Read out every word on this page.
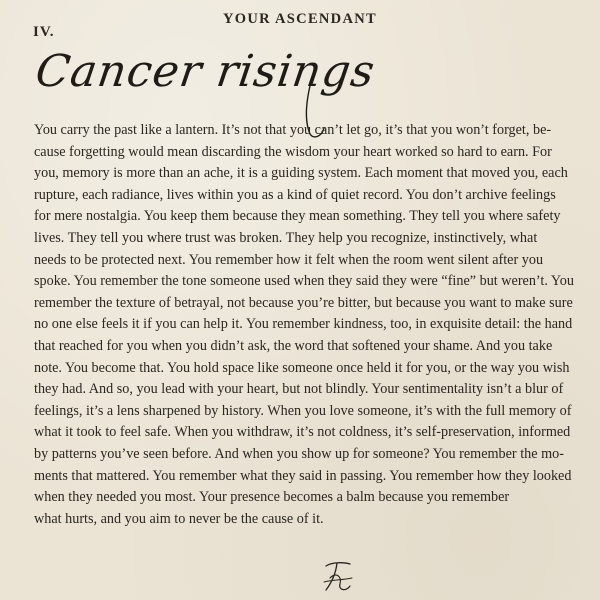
IV.
YOUR ASCENDANT
Cancer risings
You carry the past like a lantern. It’s not that you can’t let go, it’s that you won’t forget, be-
cause forgetting would mean discarding the wisdom your heart worked so hard to earn. For
you, memory is more than an ache, it is a guiding system. Each moment that moved you, each
rupture, each radiance, lives within you as a kind of quiet record. You don’t archive feelings
for mere nostalgia. You keep them because they mean something. They tell you where safety
lives. They tell you where trust was broken. They help you recognize, instinctively, what
needs to be protected next. You remember how it felt when the room went silent after you
spoke. You remember the tone someone used when they said they were “fine” but weren’t. You
remember the texture of betrayal, not because you’re bitter, but because you want to make sure
no one else feels it if you can help it. You remember kindness, too, in exquisite detail: the hand
that reached for you when you didn’t ask, the word that softened your shame. And you take
note. You become that. You hold space like someone once held it for you, or the way you wish
they had. And so, you lead with your heart, but not blindly. Your sentimentality isn’t a blur of
feelings, it’s a lens sharpened by history. When you love someone, it’s with the full memory of
what it took to feel safe. When you withdraw, it’s not coldness, it’s self-preservation, informed
by patterns you’ve seen before. And when you show up for someone? You remember the mo-
ments that mattered. You remember what they said in passing. You remember how they looked
when they needed you most. Your presence becomes a balm because you remember
what hurts, and you aim to never be the cause of it.
